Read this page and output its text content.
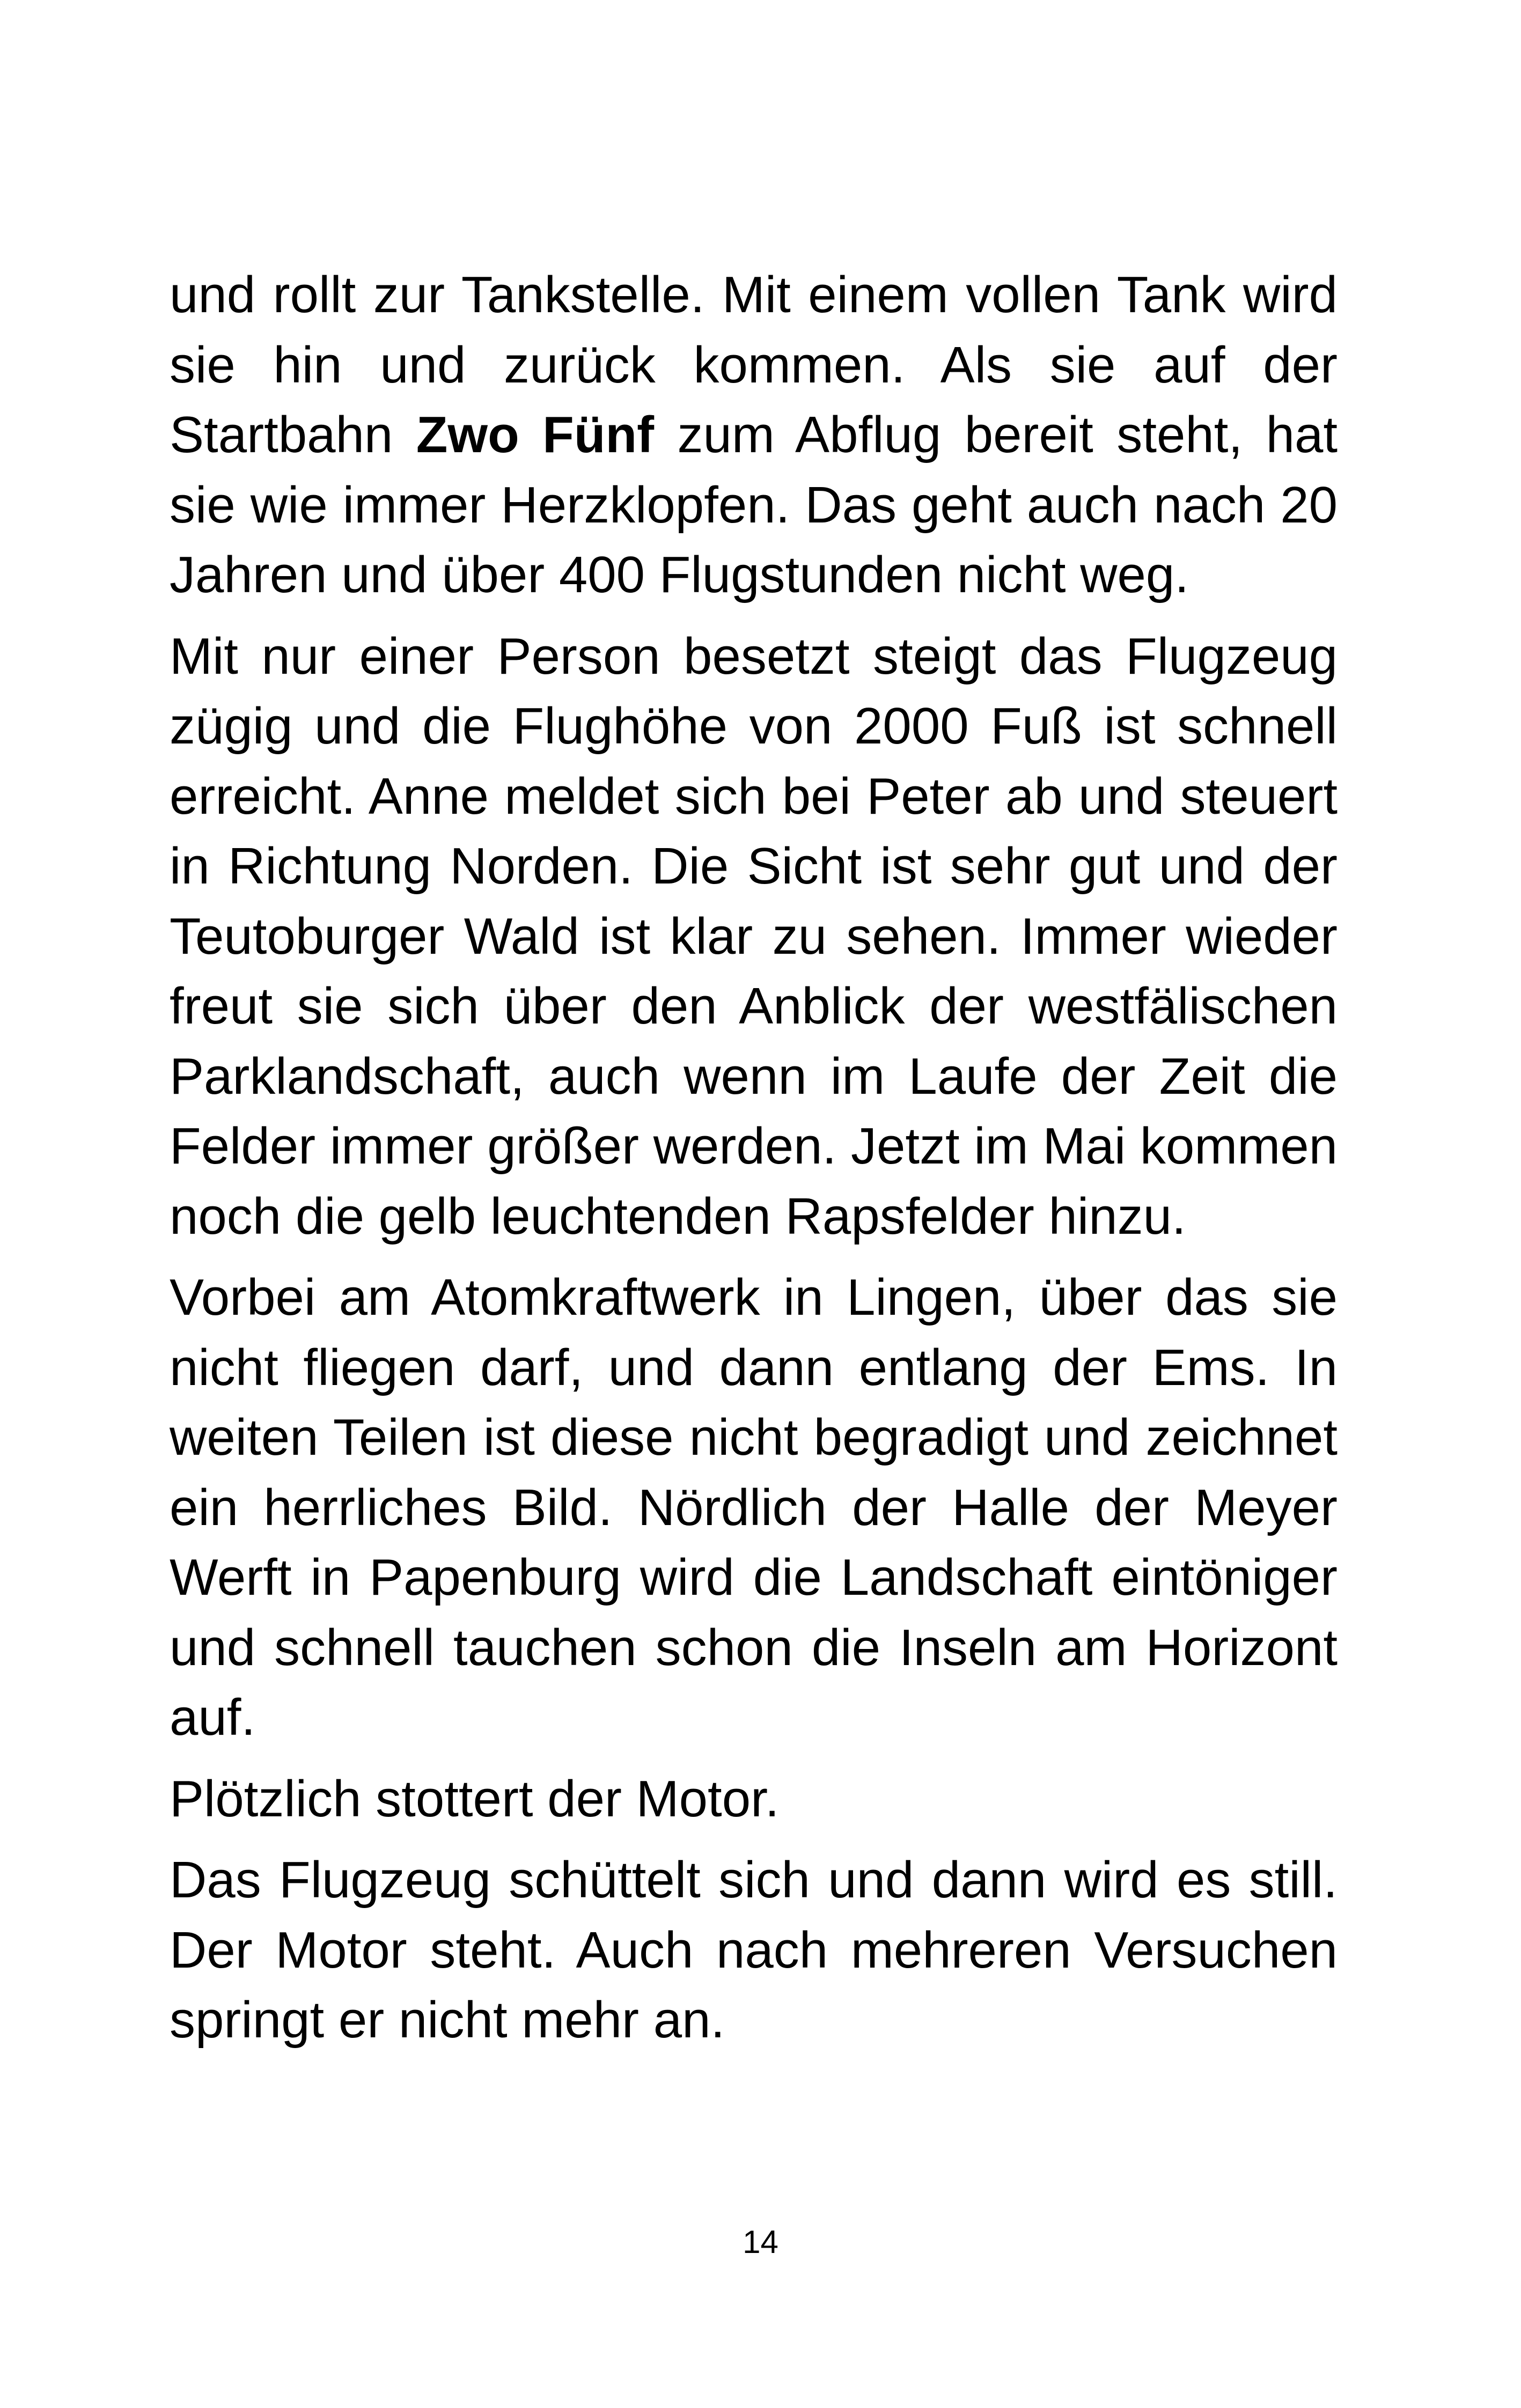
und rollt zur Tankstelle. Mit einem vollen Tank wird sie hin und zurück kommen. Als sie auf der Startbahn Zwo Fünf zum Abflug bereit steht, hat sie wie immer Herzklopfen. Das geht auch nach 20 Jahren und über 400 Flugstunden nicht weg.

Mit nur einer Person besetzt steigt das Flugzeug zügig und die Flughöhe von 2000 Fuß ist schnell erreicht. Anne meldet sich bei Peter ab und steuert in Richtung Norden. Die Sicht ist sehr gut und der Teutoburger Wald ist klar zu sehen. Immer wieder freut sie sich über den Anblick der westfälischen Parklandschaft, auch wenn im Laufe der Zeit die Felder immer größer werden. Jetzt im Mai kommen noch die gelb leuchtenden Rapsfelder hinzu.

Vorbei am Atomkraftwerk in Lingen, über das sie nicht fliegen darf, und dann entlang der Ems. In weiten Teilen ist diese nicht begradigt und zeichnet ein herrliches Bild. Nördlich der Halle der Meyer Werft in Papenburg wird die Landschaft eintöniger und schnell tauchen schon die Inseln am Horizont auf.

Plötzlich stottert der Motor.

Das Flugzeug schüttelt sich und dann wird es still. Der Motor steht. Auch nach mehreren Versuchen springt er nicht mehr an.

14
